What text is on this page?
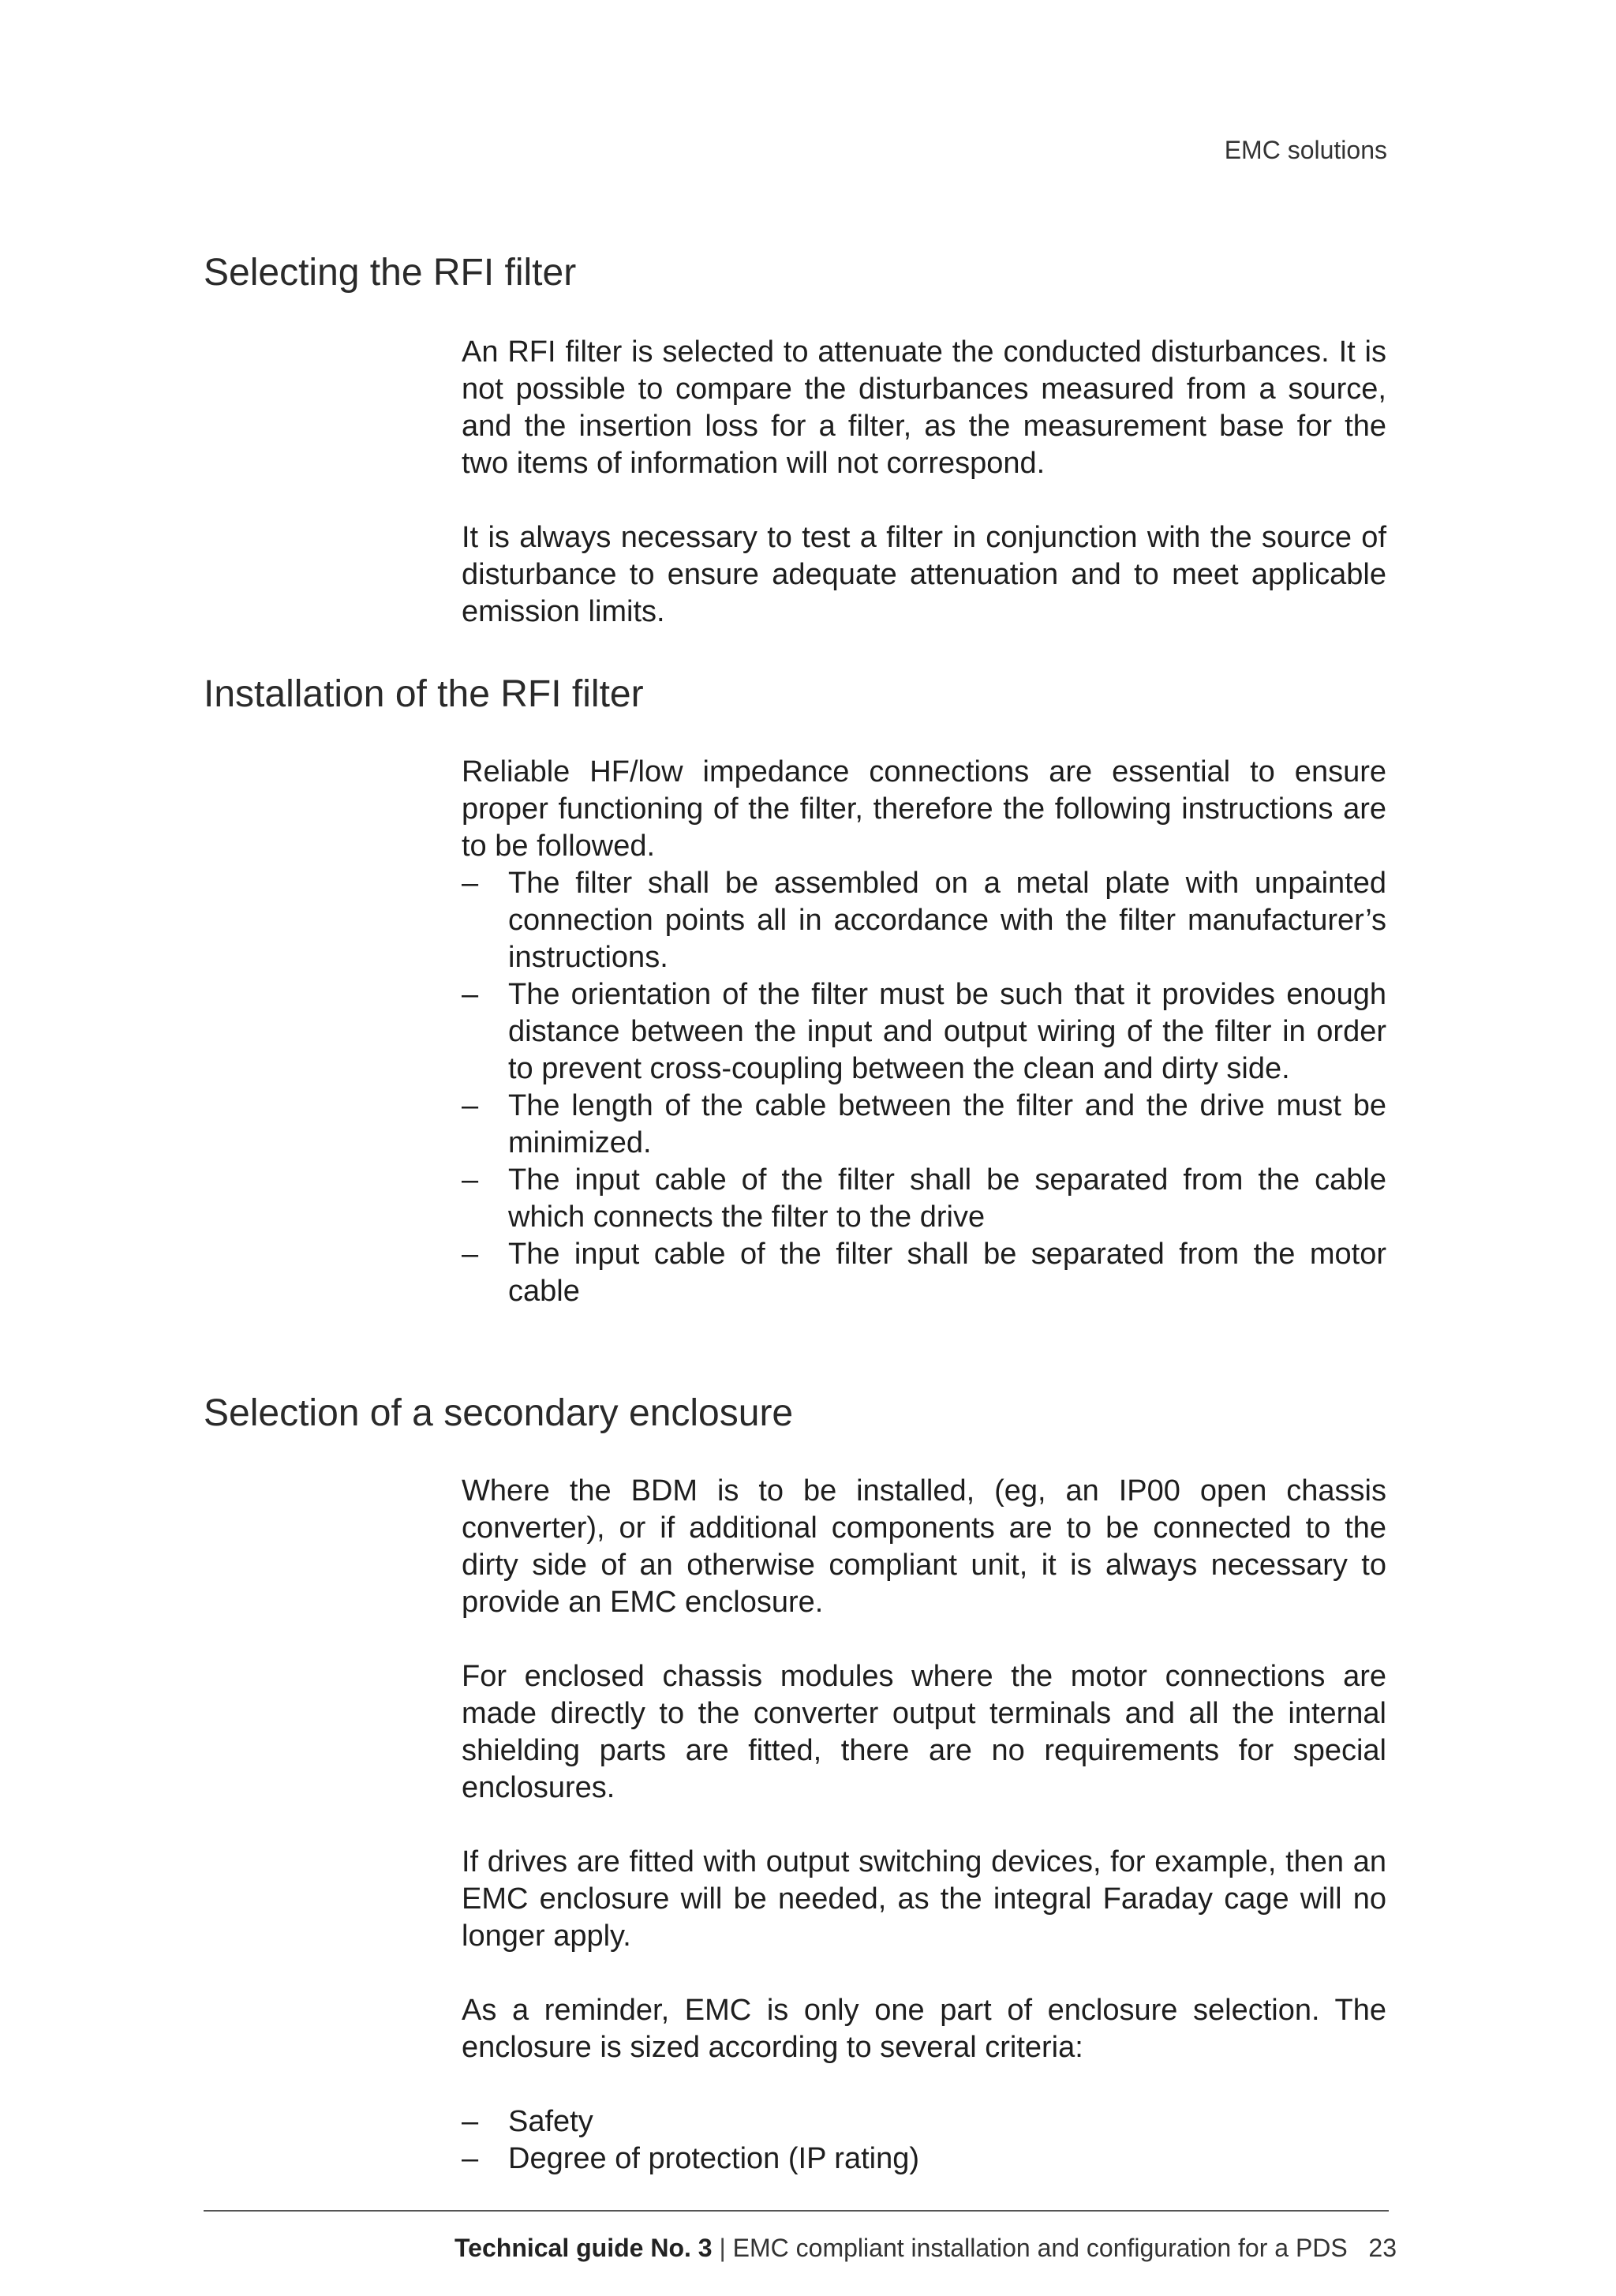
EMC solutions
Selecting the RFI filter

An RFI filter is selected to attenuate the conducted disturbances. It is not possible to compare the disturbances measured from a source, and the insertion loss for a filter, as the measurement base for the two items of information will not correspond.

It is always necessary to test a filter in conjunction with the source of disturbance to ensure adequate attenuation and to meet applicable emission limits.

Installation of the RFI filter

Reliable HF/low impedance connections are essential to ensure proper functioning of the filter, therefore the following instructions are to be followed.

– The filter shall be assembled on a metal plate with unpainted connection points all in accordance with the filter manufacturer’s instructions.
– The orientation of the filter must be such that it provides enough distance between the input and output wiring of the filter in order to prevent cross-coupling between the clean and dirty side.
– The length of the cable between the filter and the drive must be minimized.
– The input cable of the filter shall be separated from the cable which connects the filter to the drive
– The input cable of the filter shall be separated from the motor cable
Selection of a secondary enclosure

Where the BDM is to be installed, (eg, an IP00 open chassis converter), or if additional components are to be connected to the dirty side of an otherwise compliant unit, it is always necessary to provide an EMC enclosure.

For enclosed chassis modules where the motor connections are made directly to the converter output terminals and all the internal shielding parts are fitted, there are no requirements for special enclosures.

If drives are fitted with output switching devices, for example, then an EMC enclosure will be needed, as the integral Faraday cage will no longer apply.

As a reminder, EMC is only one part of enclosure selection. The enclosure is sized according to several criteria:

– Safety
– Degree of protection (IP rating)
Technical guide No. 3 | EMC compliant installation and configuration for a PDS 23
